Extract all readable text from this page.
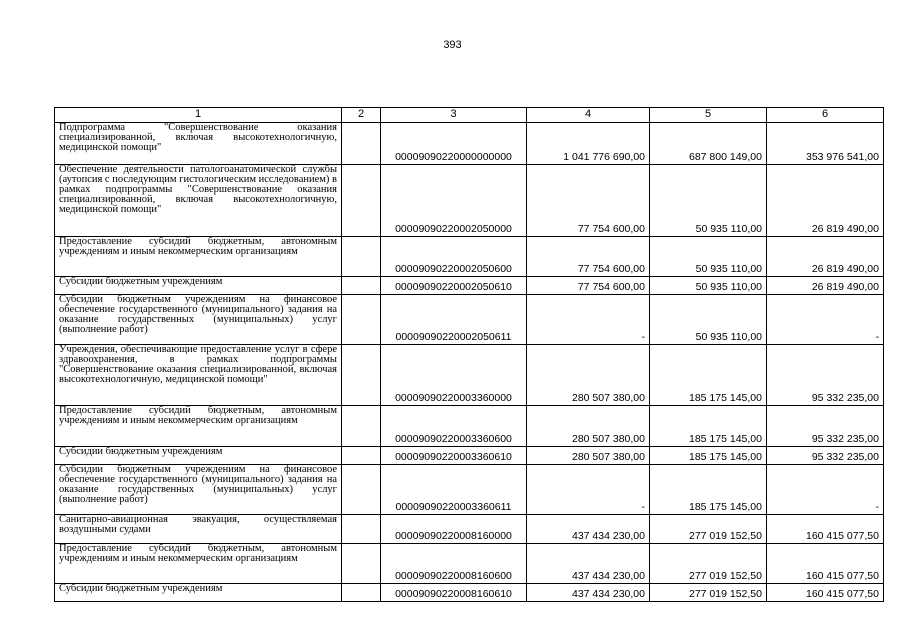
393
1	2	3	4	5	6
Подпрограмма "Совершенствование оказания специализированной, включая высокотехнологичную, медицинской помощи"		00009090220000000000	1 041 776 690,00	687 800 149,00	353 976 541,00
Обеспечение деятельности патологоанатомической службы (аутопсия с последующим гистологическим исследованием) в рамках подпрограммы "Совершенствование оказания специализированной, включая высокотехнологичную, медицинской помощи"		00009090220002050000	77 754 600,00	50 935 110,00	26 819 490,00
Предоставление субсидий бюджетным, автономным учреждениям и иным некоммерческим организациям		00009090220002050600	77 754 600,00	50 935 110,00	26 819 490,00
Субсидии бюджетным учреждениям		00009090220002050610	77 754 600,00	50 935 110,00	26 819 490,00
Субсидии бюджетным учреждениям на финансовое обеспечение государственного (муниципального) задания на оказание государственных (муниципальных) услуг (выполнение работ)		00009090220002050611	-	50 935 110,00	-
Учреждения, обеспечивающие предоставление услуг в сфере здравоохранения, в рамках подпрограммы "Совершенствование оказания специализированной, включая высокотехнологичную, медицинской помощи"		00009090220003360000	280 507 380,00	185 175 145,00	95 332 235,00
Предоставление субсидий бюджетным, автономным учреждениям и иным некоммерческим организациям		00009090220003360600	280 507 380,00	185 175 145,00	95 332 235,00
Субсидии бюджетным учреждениям		00009090220003360610	280 507 380,00	185 175 145,00	95 332 235,00
Субсидии бюджетным учреждениям на финансовое обеспечение государственного (муниципального) задания на оказание государственных (муниципальных) услуг (выполнение работ)		00009090220003360611	-	185 175 145,00	-
Санитарно-авиационная эвакуация, осуществляемая воздушными судами		00009090220008160000	437 434 230,00	277 019 152,50	160 415 077,50
Предоставление субсидий бюджетным, автономным учреждениям и иным некоммерческим организациям		00009090220008160600	437 434 230,00	277 019 152,50	160 415 077,50
Субсидии бюджетным учреждениям		00009090220008160610	437 434 230,00	277 019 152,50	160 415 077,50
